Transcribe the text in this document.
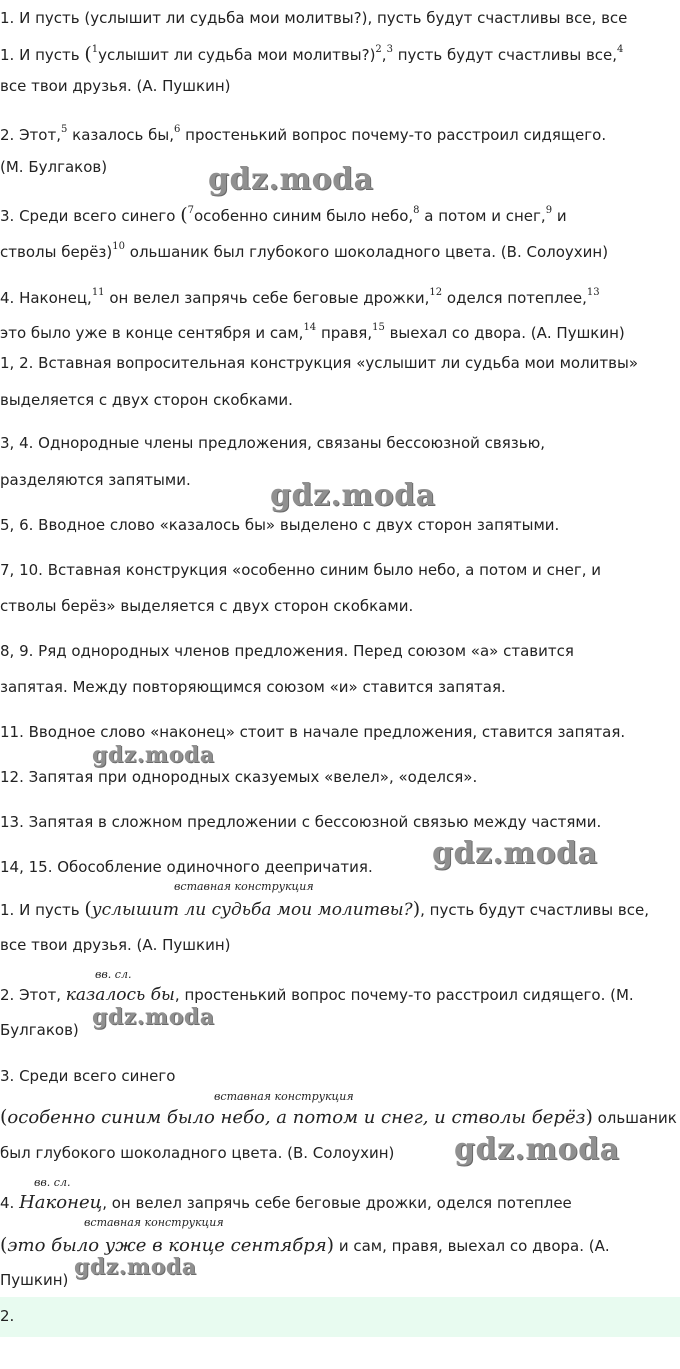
1. И пусть (услышит ли судьба мои молитвы?), пусть будут счастливы все, все
1. И пусть ($^1$услышит ли судьба мои молитвы?)$^2$,$^3$ пусть будут счастливы все,$^4$
все твои друзья. (А. Пушкин)
2. Этот,$^5$ казалось бы,$^6$ простенький вопрос почему-то расстроил сидящего.
(М. Булгаков)
3. Среди всего синего ($^7$особенно синим было небо,$^8$ а потом и снег,$^9$ и
стволы берёз)$^{10}$ ольшаник был глубокого шоколадного цвета. (В. Солоухин)
4. Наконец,$^{11}$ он велел запрячь себе беговые дрожки,$^{12}$ оделся потеплее,$^{13}$
это было уже в конце сентября и сам,$^{14}$ правя,$^{15}$ выехал со двора. (А. Пушкин)
1, 2. Вставная вопросительная конструкция «услышит ли судьба мои молитвы»
выделяется с двух сторон скобками.
3, 4. Однородные члены предложения, связаны бессоюзной связью,
разделяются запятыми.
5, 6. Вводное слово «казалось бы» выделено с двух сторон запятыми.
7, 10. Вставная конструкция «особенно синим было небо, а потом и снег, и
стволы берёз» выделяется с двух сторон скобками.
8, 9. Ряд однородных членов предложения. Перед союзом «а» ставится
запятая. Между повторяющимся союзом «и» ставится запятая.
11. Вводное слово «наконец» стоит в начале предложения, ставится запятая.
12. Запятая при однородных сказуемых «велел», «оделся».
13. Запятая в сложном предложении с бессоюзной связью между частями.
14, 15. Обособление одиночного деепричатия.
вставная конструкция
1. И пусть (услышит ли судьба мои молитвы?), пусть будут счастливы все,
все твои друзья. (А. Пушкин)
вв. сл.
2. Этот, казалось бы, простенький вопрос почему-то расстроил сидящего. (М.
Булгаков)
3. Среди всего синего
вставная конструкция
(особенно синим было небо, а потом и снег, и стволы берёз) ольшаник
был глубокого шоколадного цвета. (В. Солоухин)
вв. сл.
4. Наконец, он велел запрячь себе беговые дрожки, оделся потеплее
вставная конструкция
(это было уже в конце сентября) и сам, правя, выехал со двора. (А.
Пушкин)
gdz.moda
gdz.moda
gdz.moda
gdz.moda
gdz.moda
gdz.moda
gdz.moda
2.
